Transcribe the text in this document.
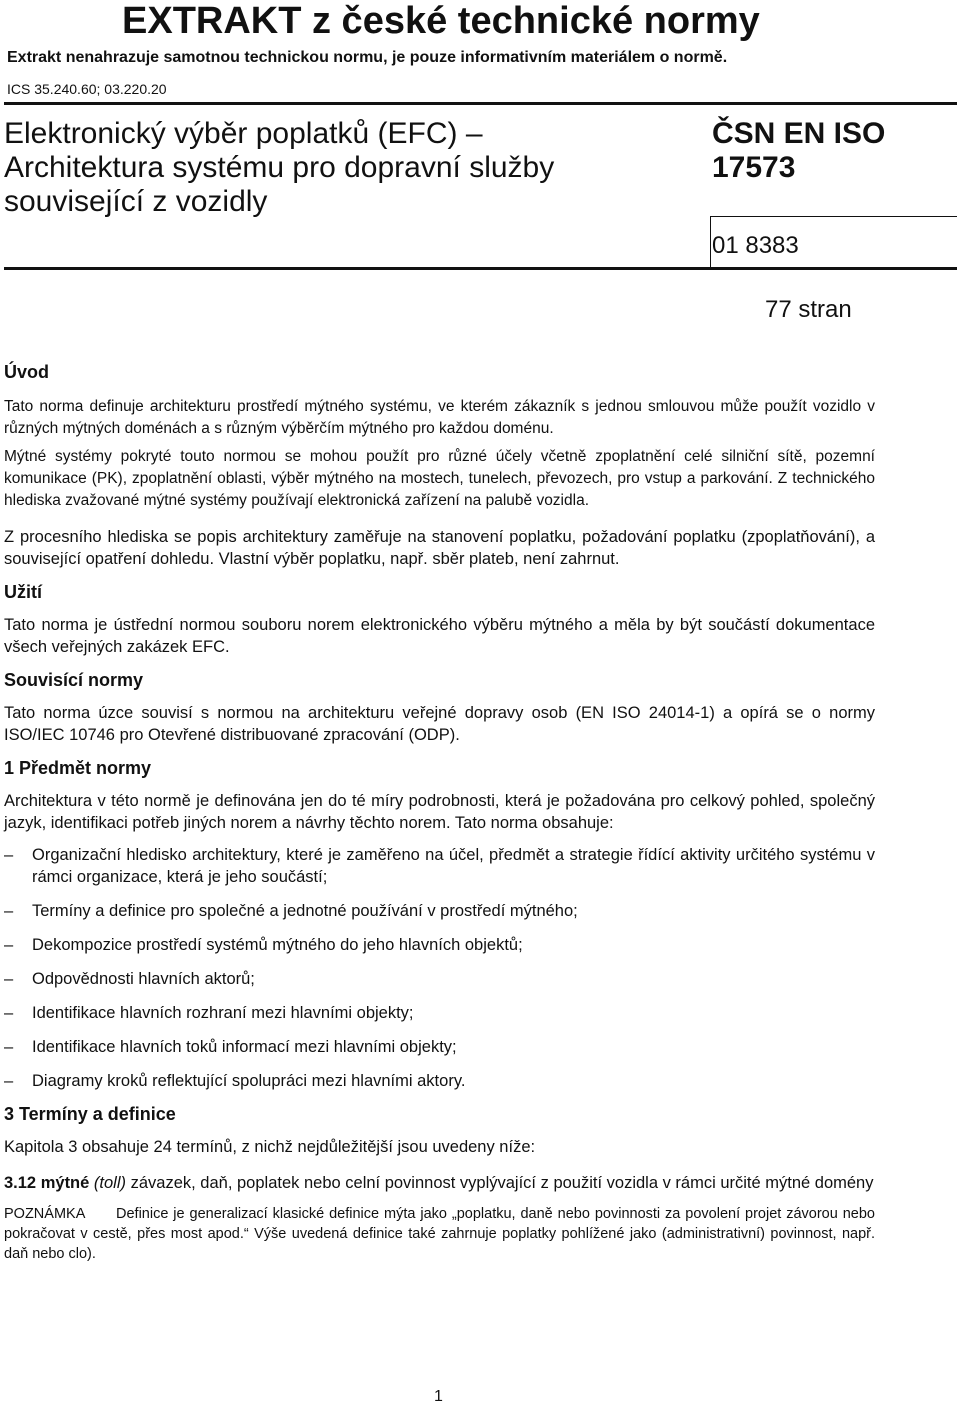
EXTRAKT z české technické normy
Extrakt nenahrazuje samotnou technickou normu, je pouze informativním materiálem o normě.
ICS 35.240.60; 03.220.20
Elektronický výběr poplatků (EFC) –
Architektura systému pro dopravní služby
související z vozidly
ČSN EN ISO
17573
01 8383
77 stran
Úvod

Tato norma definuje architekturu prostředí mýtného systému, ve kterém zákazník s jednou smlouvou může použít vozidlo v různých mýtných doménách a s různým výběrčím mýtného pro každou doménu.

Mýtné systémy pokryté touto normou se mohou použít pro různé účely včetně zpoplatnění celé silniční sítě, pozemní komunikace (PK), zpoplatnění oblasti, výběr mýtného na mostech, tunelech, převozech, pro vstup a parkování. Z technického hlediska zvažované mýtné systémy používají elektronická zařízení na palubě vozidla.

Z procesního hlediska se popis architektury zaměřuje na stanovení poplatku, požadování poplatku (zpoplatňování), a související opatření dohledu. Vlastní výběr poplatku, např. sběr plateb, není zahrnut.

Užití

Tato norma je ústřední normou souboru norem elektronického výběru mýtného a měla by být součástí dokumentace všech veřejných zakázek EFC.

Souvisící normy

Tato norma úzce souvisí s normou na architekturu veřejné dopravy osob (EN ISO 24014-1) a opírá se o normy ISO/IEC 10746 pro Otevřené distribuované zpracování (ODP).

1 Předmět normy

Architektura v této normě je definována jen do té míry podrobnosti, která je požadována pro celkový pohled, společný jazyk, identifikaci potřeb jiných norem a návrhy těchto norem. Tato norma obsahuje:

– Organizační hledisko architektury, které je zaměřeno na účel, předmět a strategie řídící aktivity určitého systému v rámci organizace, která je jeho součástí;
– Termíny a definice pro společné a jednotné používání v prostředí mýtného;
– Dekompozice prostředí systémů mýtného do jeho hlavních objektů;
– Odpovědnosti hlavních aktorů;
– Identifikace hlavních rozhraní mezi hlavními objekty;
– Identifikace hlavních toků informací mezi hlavními objekty;
– Diagramy kroků reflektující spolupráci mezi hlavními aktory.
3 Termíny a definice

Kapitola 3 obsahuje 24 termínů, z nichž nejdůležitější jsou uvedeny níže:

3.12 mýtné (toll) závazek, daň, poplatek nebo celní povinnost vyplývající z použití vozidla v rámci určité mýtné domény

POZNÁMKA Definice je generalizací klasické definice mýta jako „poplatku, daně nebo povinnosti za povolení projet závorou nebo pokračovat v cestě, přes most apod.“ Výše uvedená definice také zahrnuje poplatky pohlížené jako (administrativní) povinnost, např. daň nebo clo).

1
